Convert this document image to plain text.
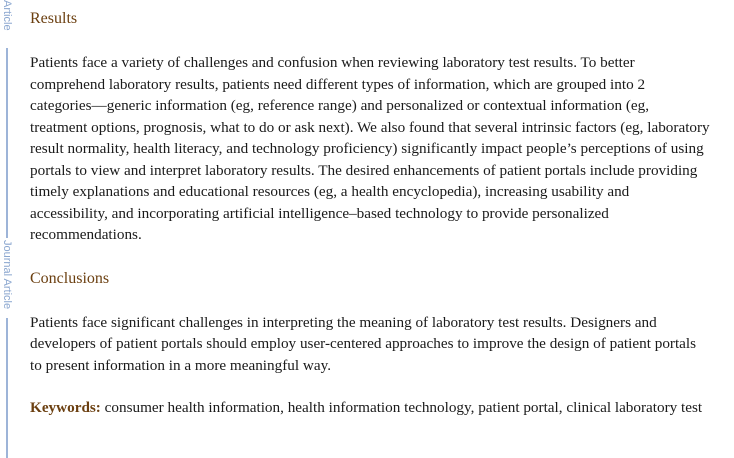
Article
Journal Article
Results

Patients face a variety of challenges and confusion when reviewing laboratory test results. To better comprehend laboratory results, patients need different types of information, which are grouped into 2 categories—generic information (eg, reference range) and personalized or contextual information (eg, treatment options, prognosis, what to do or ask next). We also found that several intrinsic factors (eg, laboratory result normality, health literacy, and technology proficiency) significantly impact people’s perceptions of using portals to view and interpret laboratory results. The desired enhancements of patient portals include providing timely explanations and educational resources (eg, a health encyclopedia), increasing usability and accessibility, and incorporating artificial intelligence–based technology to provide personalized recommendations.

Conclusions

Patients face significant challenges in interpreting the meaning of laboratory test results. Designers and developers of patient portals should employ user-centered approaches to improve the design of patient portals to present information in a more meaningful way.

Keywords: consumer health information, health information technology, patient portal, clinical laboratory test
